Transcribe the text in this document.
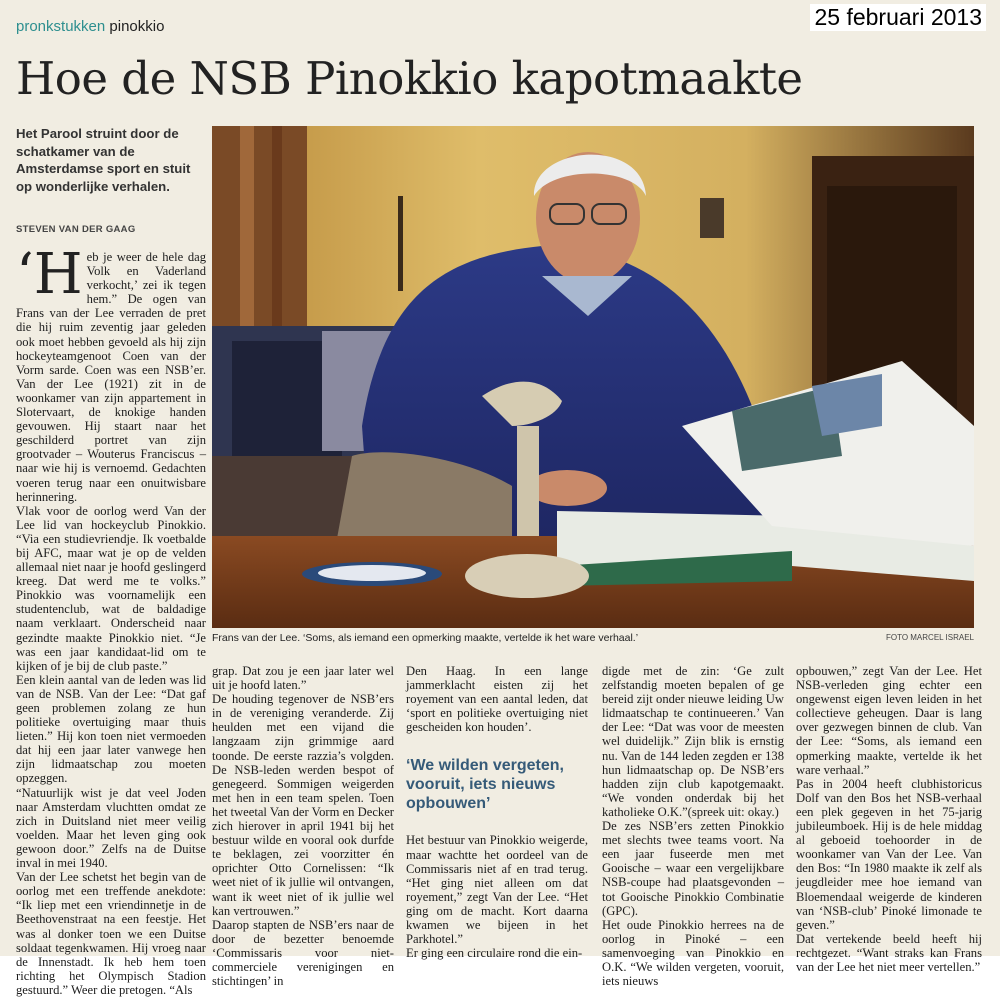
25 februari 2013
pronkstukken pinokkio
Hoe de NSB Pinokkio kapotmaakte
Het Parool struint door de schatkamer van de Amsterdamse sport en stuit op wonderlijke verhalen.
STEVEN VAN DER GAAG
Frans van der Lee. ‘Soms, als iemand een opmerking maakte, vertelde ik het ware verhaal.’	FOTO MARCEL ISRAEL
‘H eb je weer de hele dag Volk en Vaderland verkocht,’ zei ik tegen hem.” De ogen van Frans van der Lee verraden de pret die hij ruim zeventig jaar geleden ook moet hebben gevoeld als hij zijn hockeyteamgenoot Coen van der Vorm sarde. Coen was een NSB’er. Van der Lee (1921) zit in de woonkamer van zijn appartement in Slotervaart, de knokige handen gevouwen. Hij staart naar het geschilderd portret van zijn grootvader – Wouterus Franciscus – naar wie hij is vernoemd. Gedachten voeren terug naar een onuitwisbare herinnering.

Vlak voor de oorlog werd Van der Lee lid van hockeyclub Pinokkio. “Via een studievriendje. Ik voetbalde bij AFC, maar wat je op de velden allemaal niet naar je hoofd geslingerd kreeg. Dat werd me te volks.” Pinokkio was voornamelijk een studentenclub, wat de baldadige naam verklaart. Onderscheid naar gezindte maakte Pinokkio niet. “Je was een jaar kandidaat-lid om te kijken of je bij de club paste.”

Een klein aantal van de leden was lid van de NSB. Van der Lee: “Dat gaf geen problemen zolang ze hun politieke overtuiging maar thuis lieten.” Hij kon toen niet vermoeden dat hij een jaar later vanwege hen zijn lidmaatschap zou moeten opzeggen.

“Natuurlijk wist je dat veel Joden naar Amsterdam vluchtten omdat ze zich in Duitsland niet meer veilig voelden. Maar het leven ging ook gewoon door.” Zelfs na de Duitse inval in mei 1940.

Van der Lee schetst het begin van de oorlog met een treffende anekdote: “Ik liep met een vriendinnetje in de Beethovenstraat na een feestje. Het was al donker toen we een Duitse soldaat tegenkwamen. Hij vroeg naar de Innenstadt. Ik heb hem toen richting het Olympisch Stadion gestuurd.” Weer die pretogen. “Als

grap. Dat zou je een jaar later wel uit je hoofd laten.”

De houding tegenover de NSB’ers in de vereniging veranderde. Zij heulden met een vijand die langzaam zijn grimmige aard toonde. De eerste razzia’s volgden. De NSB-leden werden bespot of genegeerd. Sommigen weigerden met hen in een team spelen. Toen het tweetal Van der Vorm en Decker zich hierover in april 1941 bij het bestuur wilde en vooral ook durfde te beklagen, zei voorzitter én oprichter Otto Cornelissen: “Ik weet niet of ik jullie wil ontvangen, want ik weet niet of ik jullie wel kan vertrouwen.”

Daarop stapten de NSB’ers naar de door de bezetter benoemde ‘Commissaris voor niet-commerciele verenigingen en stichtingen’ in

Den Haag. In een lange jammerklacht eisten zij het royement van een aantal leden, dat ‘sport en politieke overtuiging niet gescheiden kon houden’.

‘We wilden vergeten, vooruit, iets nieuws opbouwen’

Het bestuur van Pinokkio weigerde, maar wachtte het oordeel van de Commissaris niet af en trad terug. “Het ging niet alleen om dat royement,” zegt Van der Lee. “Het ging om de macht. Kort daarna kwamen we bijeen in het Parkhotel.”

Er ging een circulaire rond die ein-

digde met de zin: ‘Ge zult zelfstandig moeten bepalen of ge bereid zijt onder nieuwe leiding Uw lidmaatschap te continueeren.’ Van der Lee: “Dat was voor de meesten wel duidelijk.” Zijn blik is ernstig nu. Van de 144 leden zegden er 138 hun lidmaatschap op. De NSB’ers hadden zijn club kapotgemaakt. “We vonden onderdak bij het katholieke O.K.”(spreek uit: okay.)

De zes NSB’ers zetten Pinokkio met slechts twee teams voort. Na een jaar fuseerde men met Gooische – waar een vergelijkbare NSB-coupe had plaatsgevonden – tot Gooische Pinokkio Combinatie (GPC).

Het oude Pinokkio herrees na de oorlog in Pinoké – een samenvoeging van Pinokkio en O.K. “We wilden vergeten, vooruit, iets nieuws

opbouwen,” zegt Van der Lee. Het NSB-verleden ging echter een ongewenst eigen leven leiden in het collectieve geheugen. Daar is lang over gezwegen binnen de club. Van der Lee: “Soms, als iemand een opmerking maakte, vertelde ik het ware verhaal.”

Pas in 2004 heeft clubhistoricus Dolf van den Bos het NSB-verhaal een plek gegeven in het 75-jarig jubileumboek. Hij is de hele middag al geboeid toehoorder in de woonkamer van Van der Lee. Van den Bos: “In 1980 maakte ik zelf als jeugdleider mee hoe iemand van Bloemendaal weigerde de kinderen van ‘NSB-club’ Pinoké limonade te geven.”

Dat vertekende beeld heeft hij rechtgezet. “Want straks kan Frans van der Lee het niet meer vertellen.”
